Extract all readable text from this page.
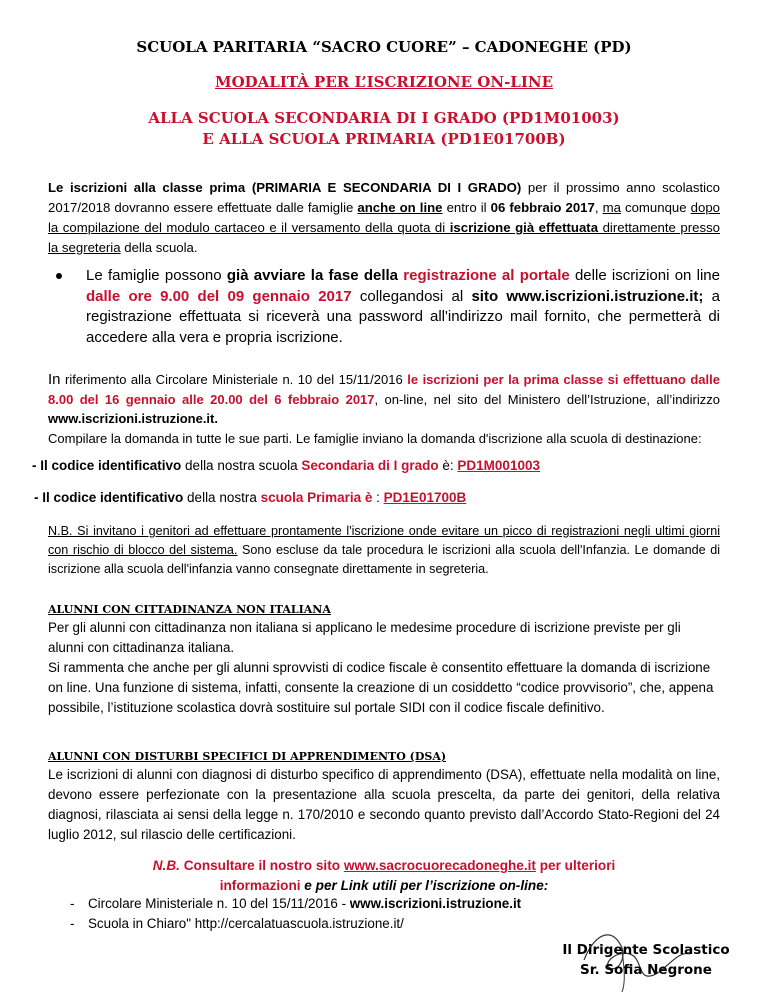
SCUOLA PARITARIA “SACRO CUORE” – CADONEGHE (PD)
MODALITÀ PER L’ISCRIZIONE ON-LINE
ALLA SCUOLA SECONDARIA DI I GRADO (PD1M01003)
E ALLA SCUOLA PRIMARIA (PD1E01700B)
Le iscrizioni alla classe prima (PRIMARIA E SECONDARIA DI I GRADO) per il prossimo anno scolastico 2017/2018 dovranno essere effettuate dalle famiglie anche on line entro il 06 febbraio 2017, ma comunque dopo la compilazione del modulo cartaceo e il versamento della quota di iscrizione già effettuata direttamente presso la segreteria della scuola.
Le famiglie possono già avviare la fase della registrazione al portale delle iscrizioni on line dalle ore 9.00 del 09 gennaio 2017 collegandosi al sito www.iscrizioni.istruzione.it; a registrazione effettuata si riceverà una password all'indirizzo mail fornito, che permetterà di accedere alla vera e propria iscrizione.
In riferimento alla Circolare Ministeriale n. 10 del 15/11/2016 le iscrizioni per la prima classe si effettuano dalle 8.00 del 16 gennaio alle 20.00 del 6 febbraio 2017, on-line, nel sito del Ministero dell’Istruzione, all’indirizzo www.iscrizioni.istruzione.it.
Compilare la domanda in tutte le sue parti. Le famiglie inviano la domanda d'iscrizione alla scuola di destinazione:
- Il codice identificativo della nostra scuola Secondaria di I grado è: PD1M001003
- Il codice identificativo della nostra scuola Primaria è : PD1E01700B
N.B. Si invitano i genitori ad effettuare prontamente l'iscrizione onde evitare un picco di registrazioni negli ultimi giorni con rischio di blocco del sistema. Sono escluse da tale procedura le iscrizioni alla scuola dell'Infanzia. Le domande di iscrizione alla scuola dell'infanzia vanno consegnate direttamente in segreteria.
ALUNNI CON CITTADINANZA NON ITALIANA
Per gli alunni con cittadinanza non italiana si applicano le medesime procedure di iscrizione previste per gli alunni con cittadinanza italiana.
Si rammenta che anche per gli alunni sprovvisti di codice fiscale è consentito effettuare la domanda di iscrizione on line. Una funzione di sistema, infatti, consente la creazione di un cosiddetto “codice provvisorio”, che, appena possibile, l’istituzione scolastica dovrà sostituire sul portale SIDI con il codice fiscale definitivo.
ALUNNI CON DISTURBI SPECIFICI DI APPRENDIMENTO (DSA)
Le iscrizioni di alunni con diagnosi di disturbo specifico di apprendimento (DSA), effettuate nella modalità on line, devono essere perfezionate con la presentazione alla scuola prescelta, da parte dei genitori, della relativa diagnosi, rilasciata ai sensi della legge n. 170/2010 e secondo quanto previsto dall’Accordo Stato-Regioni del 24 luglio 2012, sul rilascio delle certificazioni.
N.B. Consultare il nostro sito www.sacrocuorecadoneghe.it per ulteriori
informazioni e per Link utili per l’iscrizione on-line:
- Circolare Ministeriale n. 10 del 15/11/2016 - www.iscrizioni.istruzione.it
- Scuola in Chiaro" http://cercalatuascuola.istruzione.it/
Il Dirigente Scolastico
Sr. Sofia Negrone
